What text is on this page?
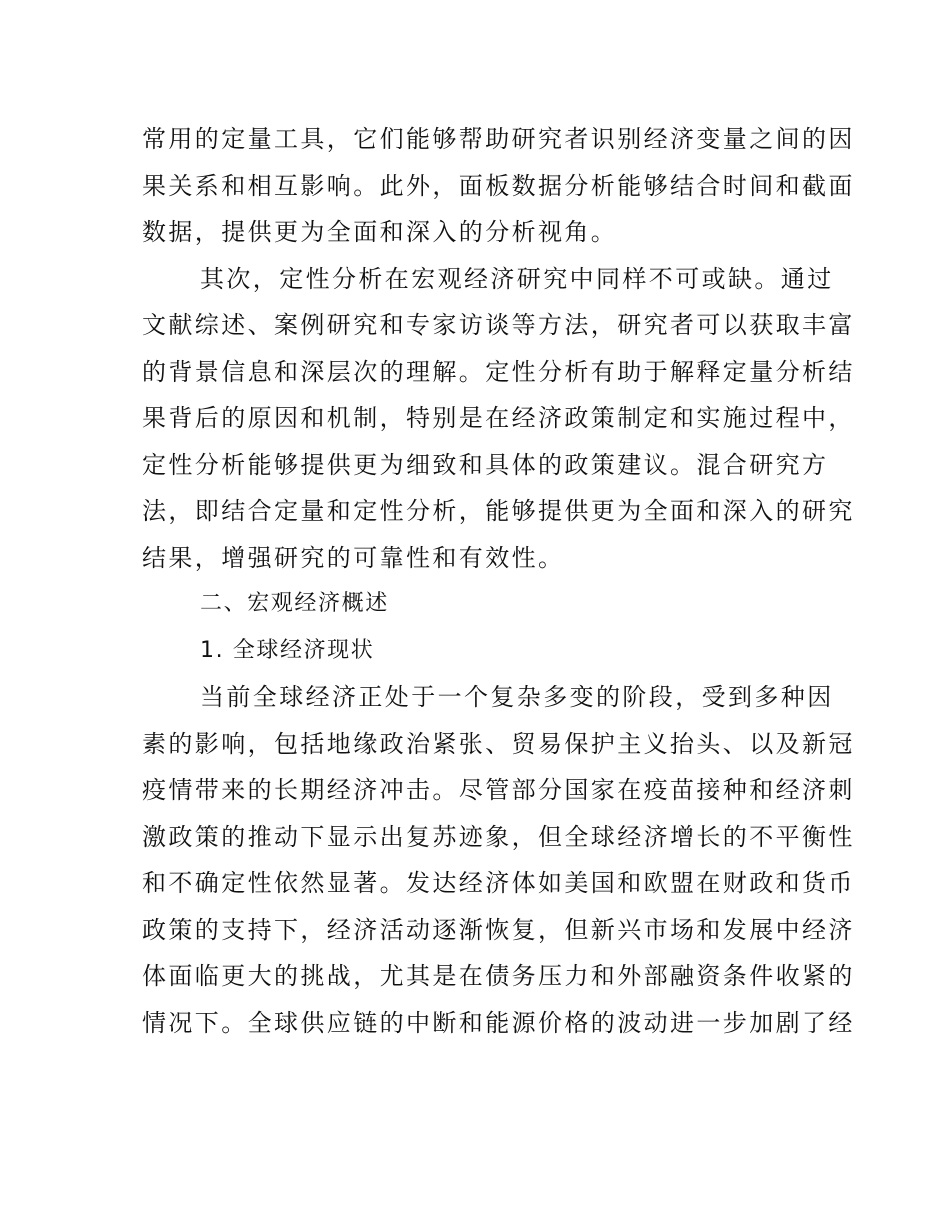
常用的定量工具，它们能够帮助研究者识别经济变量之间的因
果关系和相互影响。此外，面板数据分析能够结合时间和截面
数据，提供更为全面和深入的分析视角。
其次，定性分析在宏观经济研究中同样不可或缺。通过
文献综述、案例研究和专家访谈等方法，研究者可以获取丰富
的背景信息和深层次的理解。定性分析有助于解释定量分析结
果背后的原因和机制，特别是在经济政策制定和实施过程中，
定性分析能够提供更为细致和具体的政策建议。混合研究方
法，即结合定量和定性分析，能够提供更为全面和深入的研究
结果，增强研究的可靠性和有效性。
二、宏观经济概述
1. 全球经济现状
当前全球经济正处于一个复杂多变的阶段，受到多种因
素的影响，包括地缘政治紧张、贸易保护主义抬头、以及新冠
疫情带来的长期经济冲击。尽管部分国家在疫苗接种和经济刺
激政策的推动下显示出复苏迹象，但全球经济增长的不平衡性
和不确定性依然显著。发达经济体如美国和欧盟在财政和货币
政策的支持下，经济活动逐渐恢复，但新兴市场和发展中经济
体面临更大的挑战，尤其是在债务压力和外部融资条件收紧的
情况下。全球供应链的中断和能源价格的波动进一步加剧了经
